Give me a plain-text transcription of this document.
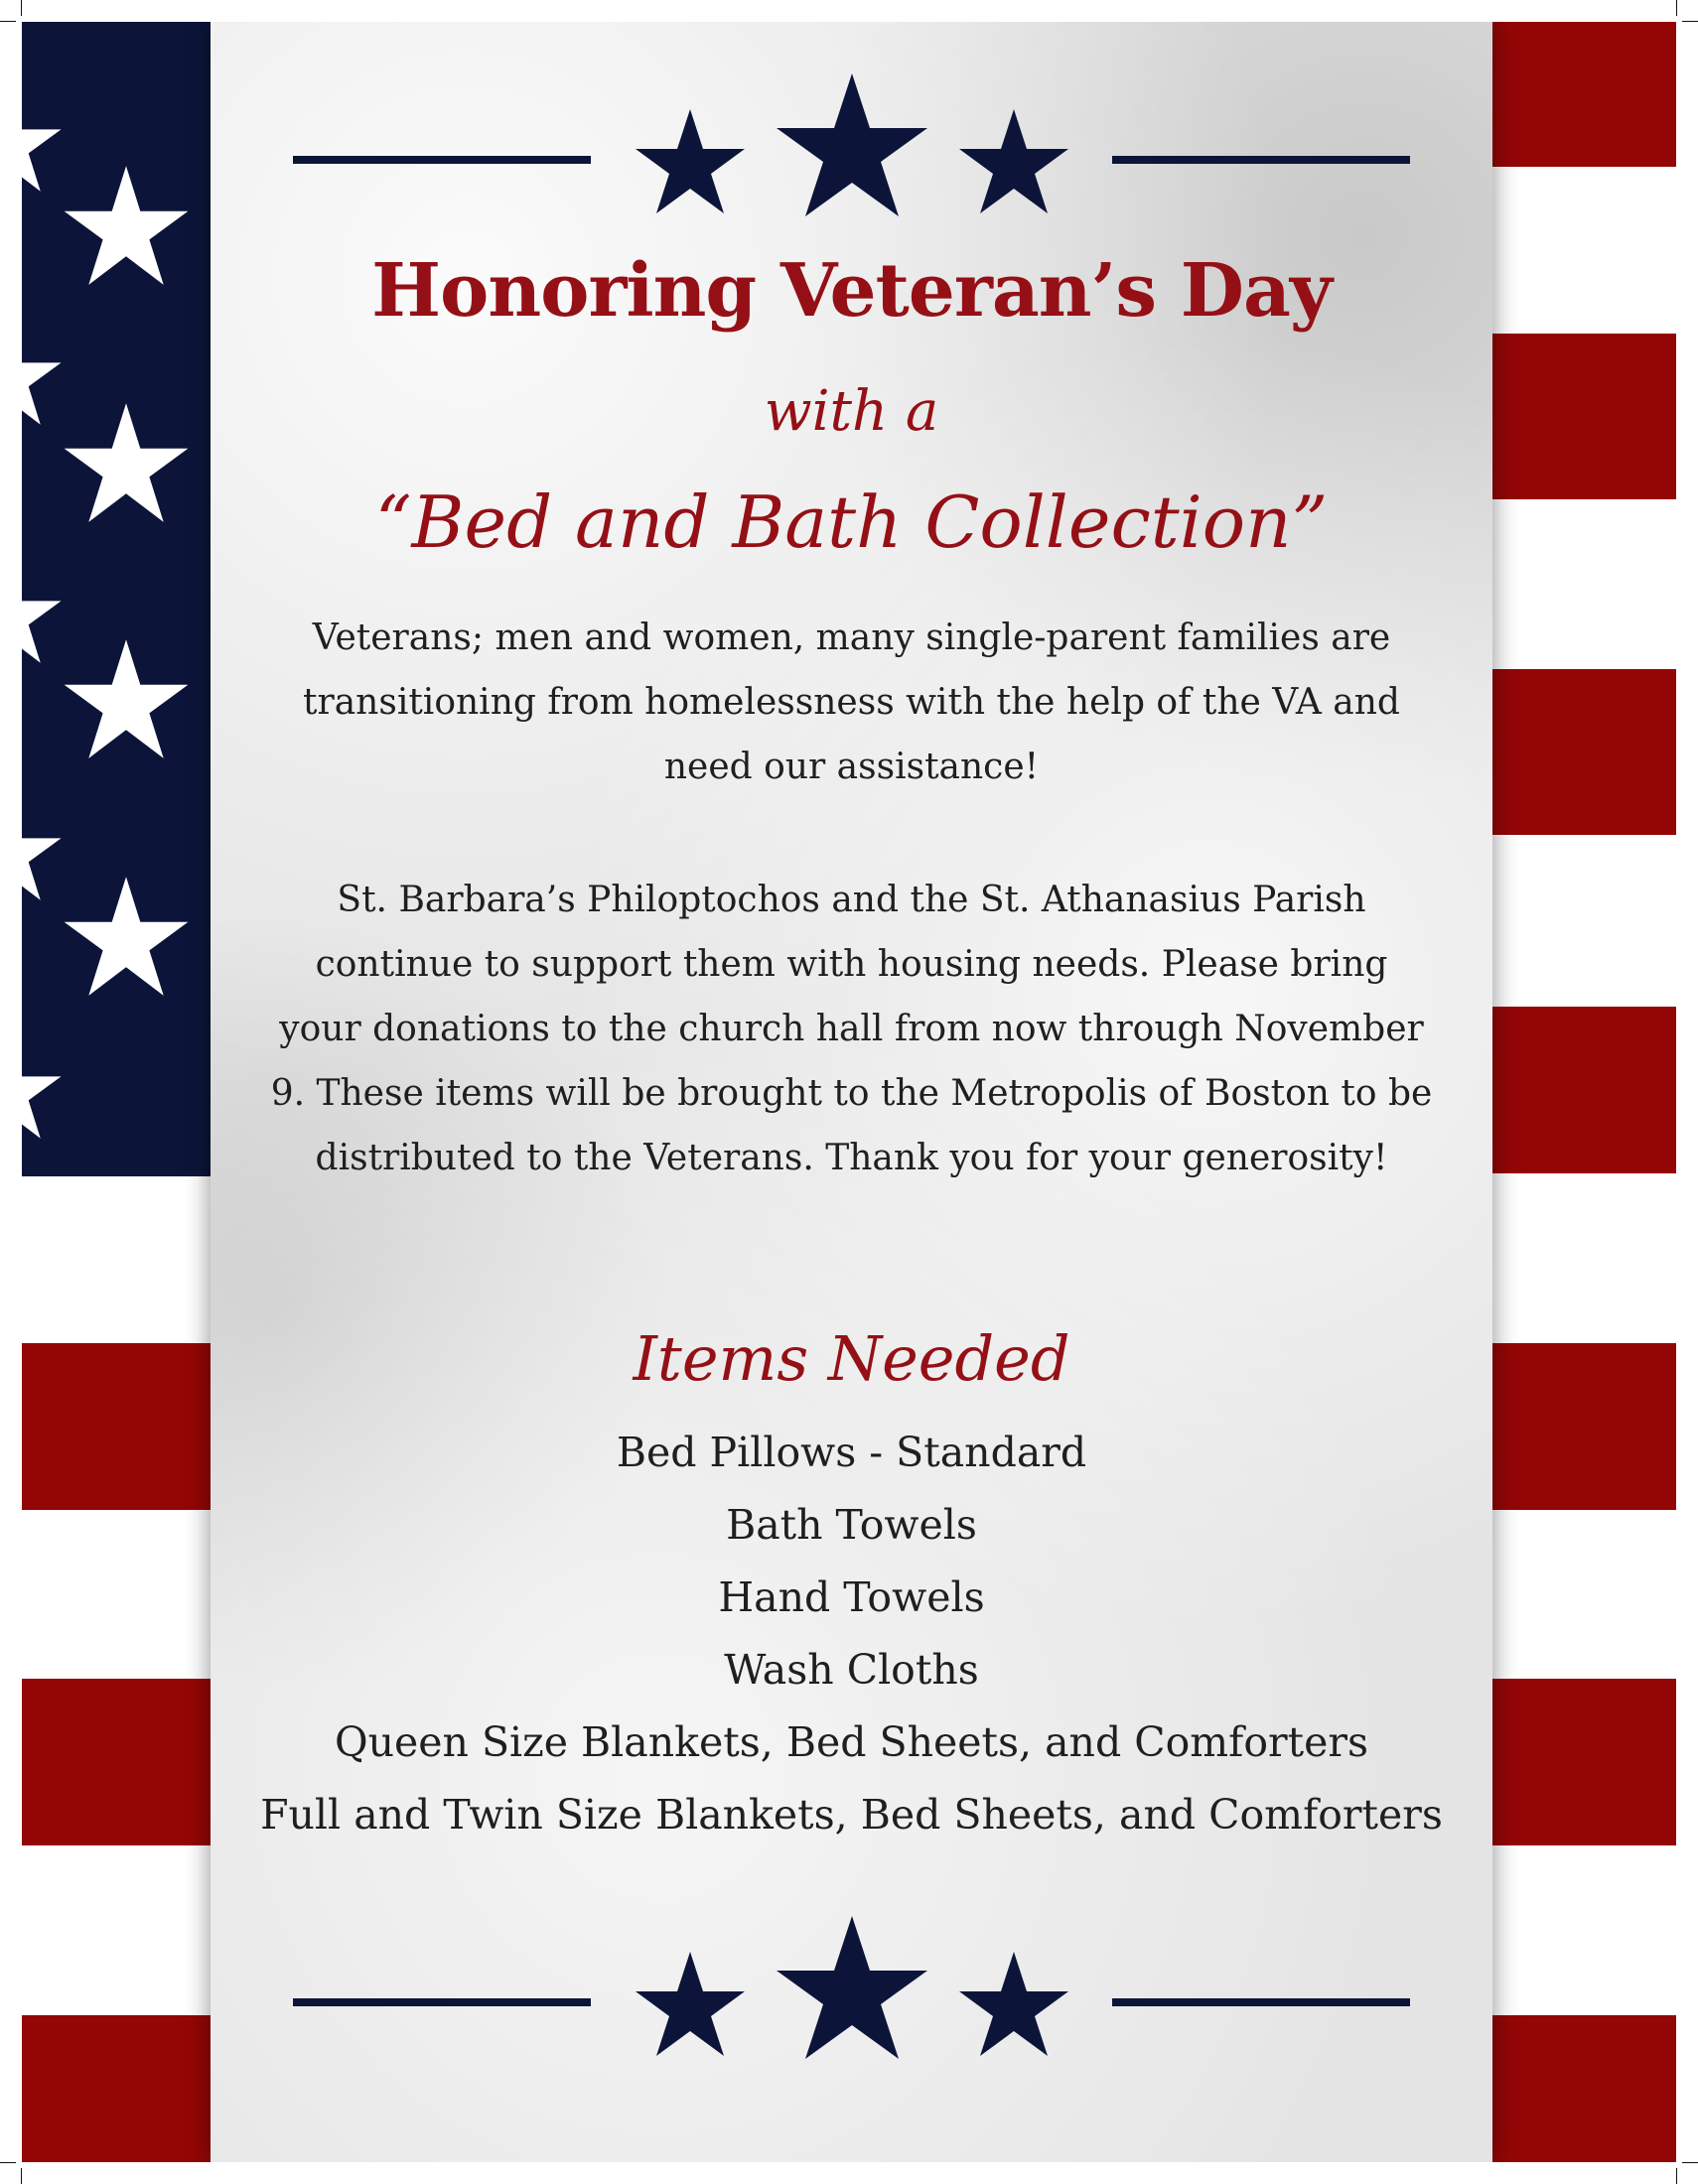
Honoring Veteran’s Day
with a
“Bed and Bath Collection”

Veterans; men and women, many single-parent families are transitioning from homelessness with the help of the VA and need our assistance!

St. Barbara’s Philoptochos and the St. Athanasius Parish continue to support them with housing needs. Please bring your donations to the church hall from now through November 9. These items will be brought to the Metropolis of Boston to be distributed to the Veterans. Thank you for your generosity!

Items Needed
Bed Pillows - Standard
Bath Towels
Hand Towels
Wash Cloths
Queen Size Blankets, Bed Sheets, and Comforters
Full and Twin Size Blankets, Bed Sheets, and Comforters
